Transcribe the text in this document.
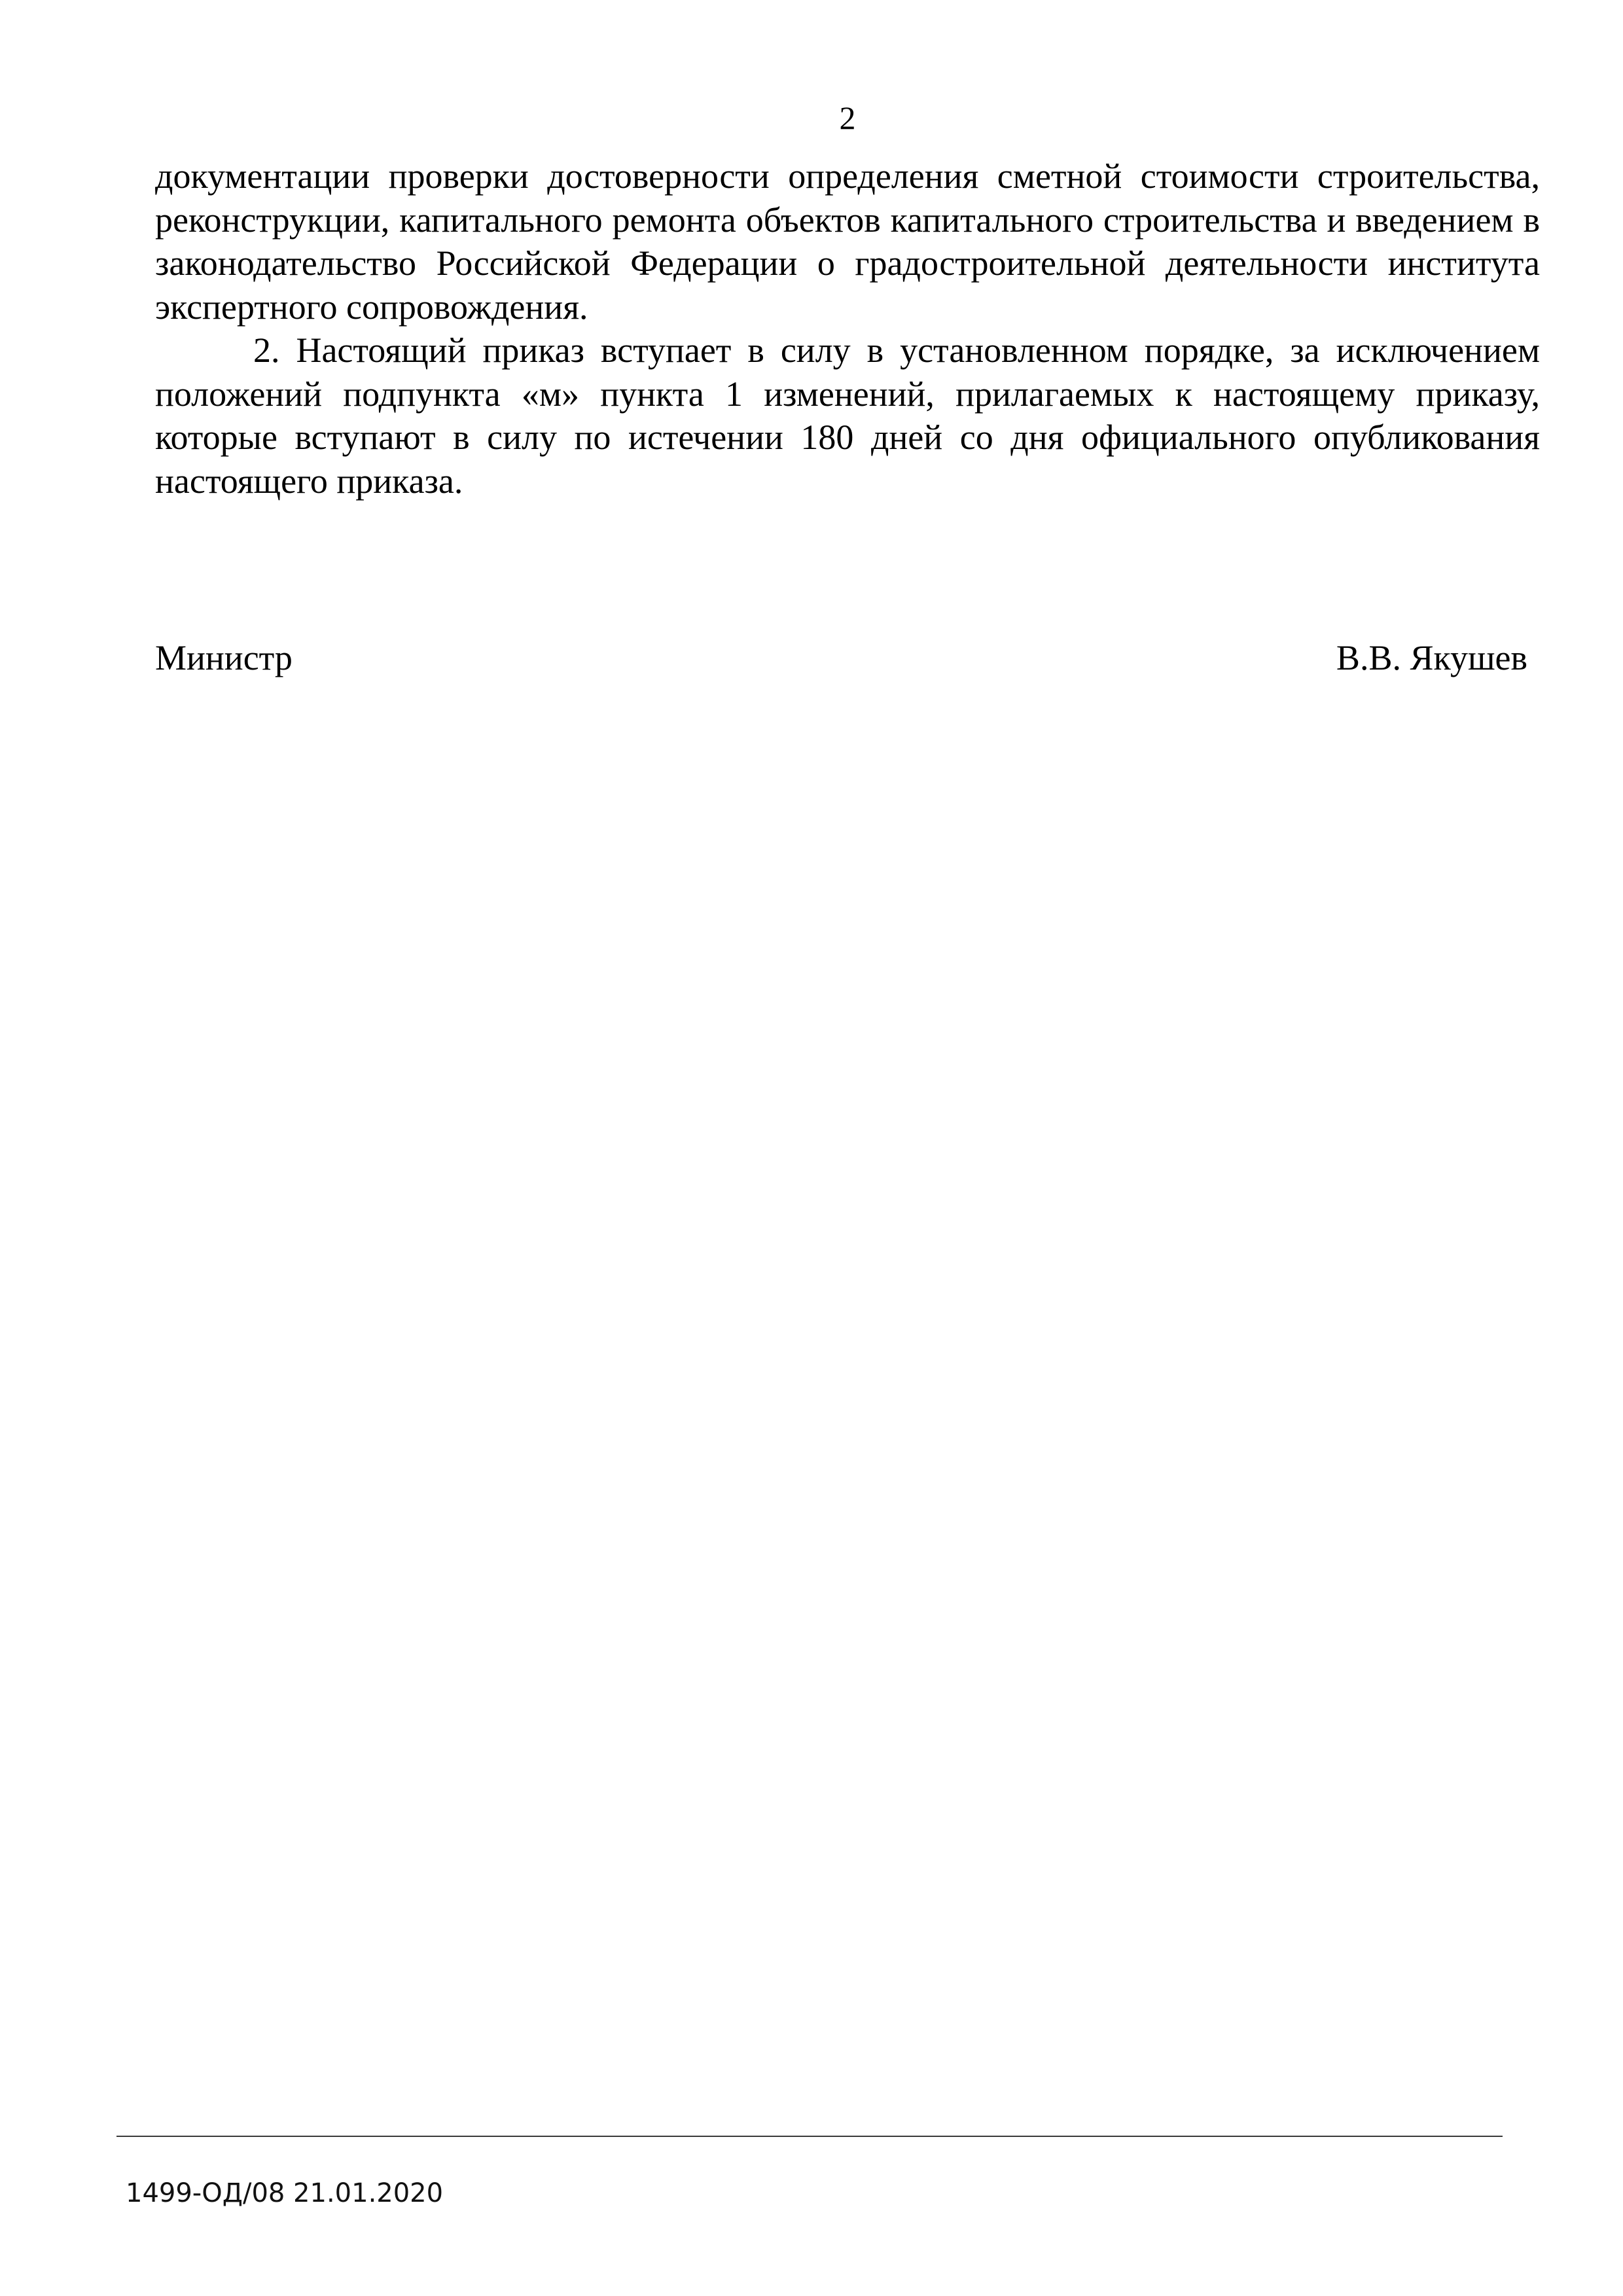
2

документации проверки достоверности определения сметной стоимости строительства, реконструкции, капитального ремонта объектов капитального строительства и введением в законодательство Российской Федерации о градостроительной деятельности института экспертного сопровождения.

2. Настоящий приказ вступает в силу в установленном порядке, за исключением положений подпункта «м» пункта 1 изменений, прилагаемых к настоящему приказу, которые вступают в силу по истечении 180 дней со дня официального опубликования настоящего приказа.

Министр	В.В. Якушев
1499-ОД/08 21.01.2020
